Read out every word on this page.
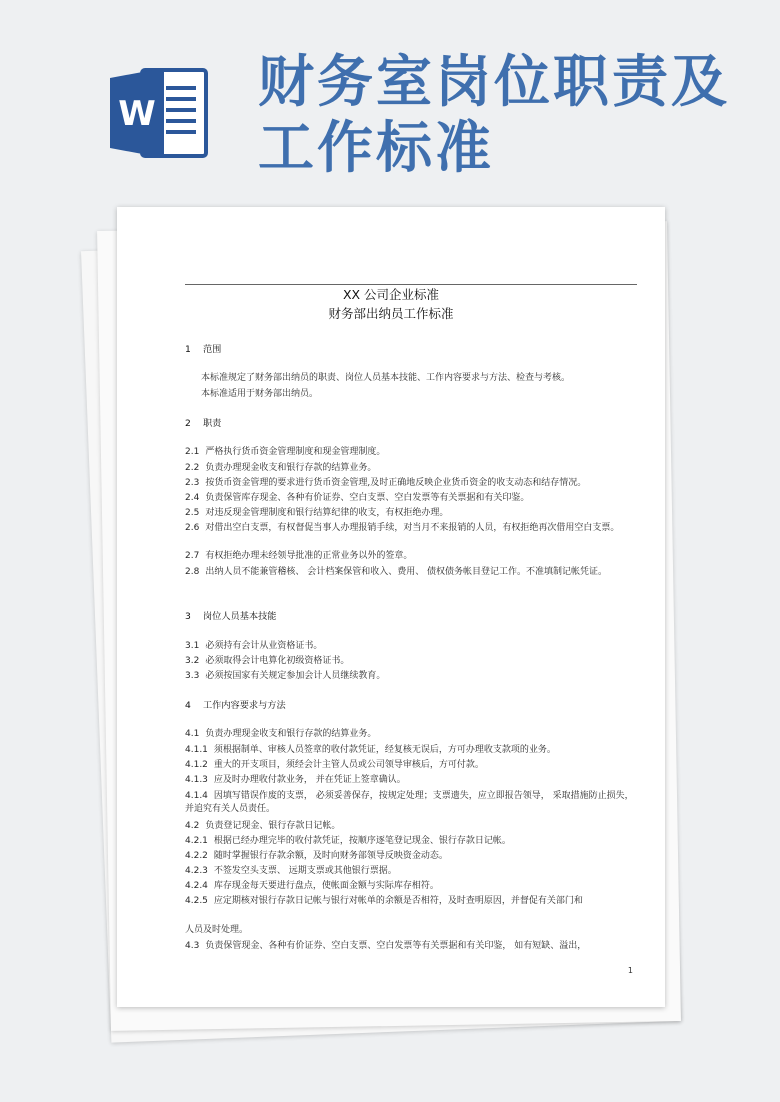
W 财务室岗位职责及
工作标准
XX 公司企业标准
财务部出纳员工作标准
1 范围
本标准规定了财务部出纳员的职责、岗位人员基本技能、工作内容要求与方法、检查与考核。
本标准适用于财务部出纳员。
2 职责
2.1 严格执行货币资金管理制度和现金管理制度。
2.2 负责办理现金收支和银行存款的结算业务。
2.3 按货币资金管理的要求进行货币资金管理,及时正确地反映企业货币资金的收支动态和结存情况。
2.4 负责保管库存现金、各种有价证券、空白支票、空白发票等有关票据和有关印鉴。
2.5 对违反现金管理制度和银行结算纪律的收支，有权拒绝办理。
2.6 对借出空白支票，有权督促当事人办理报销手续，对当月不来报销的人员，有权拒绝再次借用空白支票。
2.7 有权拒绝办理未经领导批准的正常业务以外的签章。
2.8 出纳人员不能兼管稽核、 会计档案保管和收入、费用、 债权债务帐目登记工作。不准填制记帐凭证。
3 岗位人员基本技能
3.1 必须持有会计从业资格证书。
3.2 必须取得会计电算化初级资格证书。
3.3 必须按国家有关规定参加会计人员继续教育。
4 工作内容要求与方法
4.1 负责办理现金收支和银行存款的结算业务。
4.1.1 须根据制单、审核人员签章的收付款凭证，经复核无误后，方可办理收支款项的业务。
4.1.2 重大的开支项目，须经会计主管人员或公司领导审核后，方可付款。
4.1.3 应及时办理收付款业务， 并在凭证上签章确认。
4.1.4 因填写错误作废的支票， 必须妥善保存，按规定处理；支票遗失，应立即报告领导， 采取措施防止损失，并追究有关人员责任。
4.2 负责登记现金、银行存款日记帐。
4.2.1 根据已经办理完毕的收付款凭证，按顺序逐笔登记现金、银行存款日记帐。
4.2.2 随时掌握银行存款余额，及时向财务部领导反映资金动态。
4.2.3 不签发空头支票、 远期支票或其他银行票据。
4.2.4 库存现金每天要进行盘点，使帐面金额与实际库存相符。
4.2.5 应定期核对银行存款日记帐与银行对帐单的余额是否相符，及时查明原因，并督促有关部门和
人员及时处理。
4.3 负责保管现金、各种有价证券、空白支票、空白发票等有关票据和有关印鉴， 如有短缺、溢出，
1
